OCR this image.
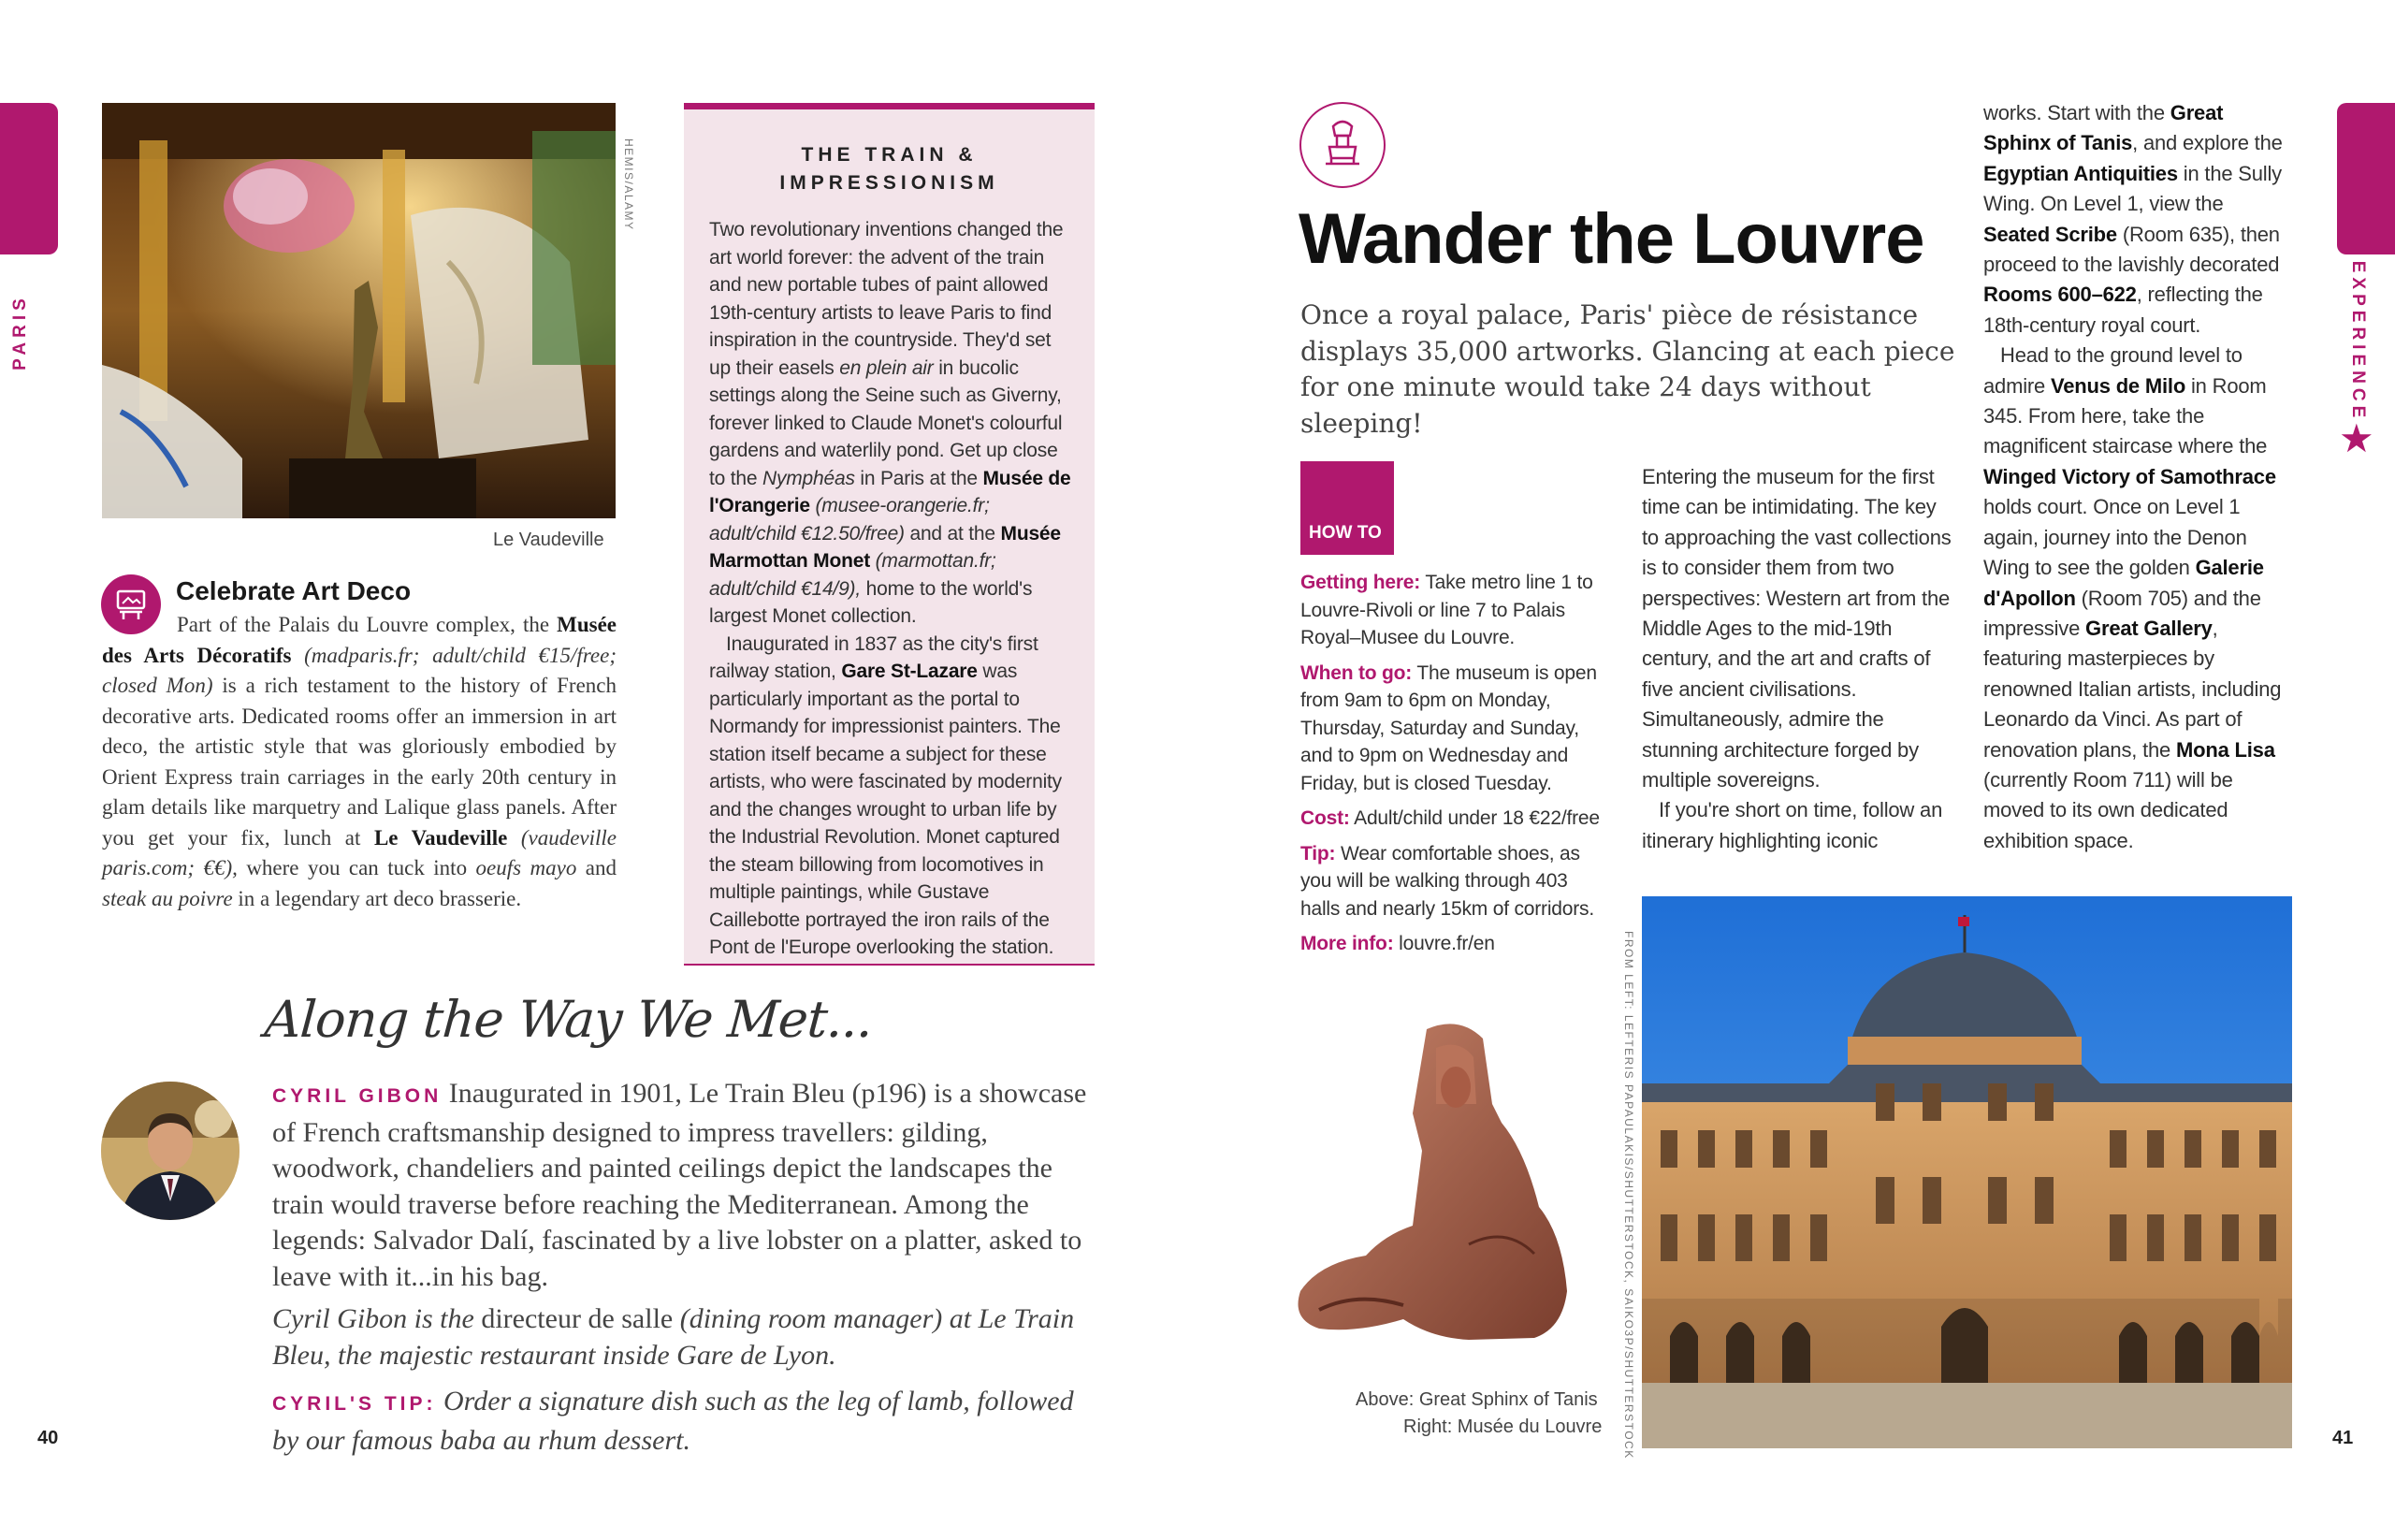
PARIS
HEMIS/ALAMY
Le Vaudeville
Celebrate Art Deco
Part of the Palais du Louvre complex, the Musée des Arts Décoratifs (madparis.fr; adult/child €15/free; closed Mon) is a rich testament to the history of French decorative arts. Dedicated rooms offer an immersion in art deco, the artistic style that was gloriously embodied by Orient Express train carriages in the early 20th century in glam details like marquetry and Lalique glass panels. After you get your fix, lunch at Le Vaudeville (vaudeville paris.com; €€), where you can tuck into oeufs mayo and steak au poivre in a legendary art deco brasserie.
THE TRAIN & IMPRESSIONISM

Two revolutionary inventions changed the art world forever: the advent of the train and new portable tubes of paint allowed 19th-century artists to leave Paris to find inspiration in the countryside. They'd set up their easels en plein air in bucolic settings along the Seine such as Giverny, forever linked to Claude Monet's colourful gardens and waterlily pond. Get up close to the Nymphéas in Paris at the Musée de l'Orangerie (musee-orangerie.fr; adult/child €12.50/free) and at the Musée Marmottan Monet (marmottan.fr; adult/child €14/9), home to the world's largest Monet collection.

Inaugurated in 1837 as the city's first railway station, Gare St-Lazare was particularly important as the portal to Normandy for impressionist painters. The station itself became a subject for these artists, who were fascinated by modernity and the changes wrought to urban life by the Industrial Revolution. Monet captured the steam billowing from locomotives in multiple paintings, while Gustave Caillebotte portrayed the iron rails of the Pont de l'Europe overlooking the station.

Along the Way We Met...
CYRIL GIBON Inaugurated in 1901, Le Train Bleu (p196) is a showcase of French craftsmanship designed to impress travellers: gilding, woodwork, chandeliers and painted ceilings depict the landscapes the train would traverse before reaching the Mediterranean. Among the legends: Salvador Dalí, fascinated by a live lobster on a platter, asked to leave with it...in his bag.
Cyril Gibon is the directeur de salle (dining room manager) at Le Train Bleu, the majestic restaurant inside Gare de Lyon.
CYRIL'S TIP: Order a signature dish such as the leg of lamb, followed by our famous baba au rhum dessert.
40
EXPERIENCE
★
Wander the Louvre
Once a royal palace, Paris' pièce de résistance displays 35,000 artworks. Glancing at each piece for one minute would take 24 days without sleeping!
HOW TO

Getting here: Take metro line 1 to Louvre-Rivoli or line 7 to Palais Royal–Musee du Louvre.

When to go: The museum is open from 9am to 6pm on Monday, Thursday, Saturday and Sunday, and to 9pm on Wednesday and Friday, but is closed Tuesday.

Cost: Adult/child under 18 €22/free

Tip: Wear comfortable shoes, as you will be walking through 403 halls and nearly 15km of corridors.

More info: louvre.fr/en

Entering the museum for the first time can be intimidating. The key to approaching the vast collections is to consider them from two perspectives: Western art from the Middle Ages to the mid-19th century, and the art and crafts of five ancient civilisations. Simultaneously, admire the stunning architecture forged by multiple sovereigns.

If you're short on time, follow an itinerary highlighting iconic

works. Start with the Great Sphinx of Tanis, and explore the Egyptian Antiquities in the Sully Wing. On Level 1, view the Seated Scribe (Room 635), then proceed to the lavishly decorated Rooms 600–622, reflecting the 18th-century royal court.

Head to the ground level to admire Venus de Milo in Room 345. From here, take the magnificent staircase where the Winged Victory of Samothrace holds court. Once on Level 1 again, journey into the Denon Wing to see the golden Galerie d'Apollon (Room 705) and the impressive Great Gallery, featuring masterpieces by renowned Italian artists, including Leonardo da Vinci. As part of renovation plans, the Mona Lisa (currently Room 711) will be moved to its own dedicated exhibition space.

FROM LEFT: LEFTERIS PAPAULAKIS/SHUTTERSTOCK, SAIKO3P/SHUTTERSTOCK
Above: Great Sphinx of Tanis
Right: Musée du Louvre
41
